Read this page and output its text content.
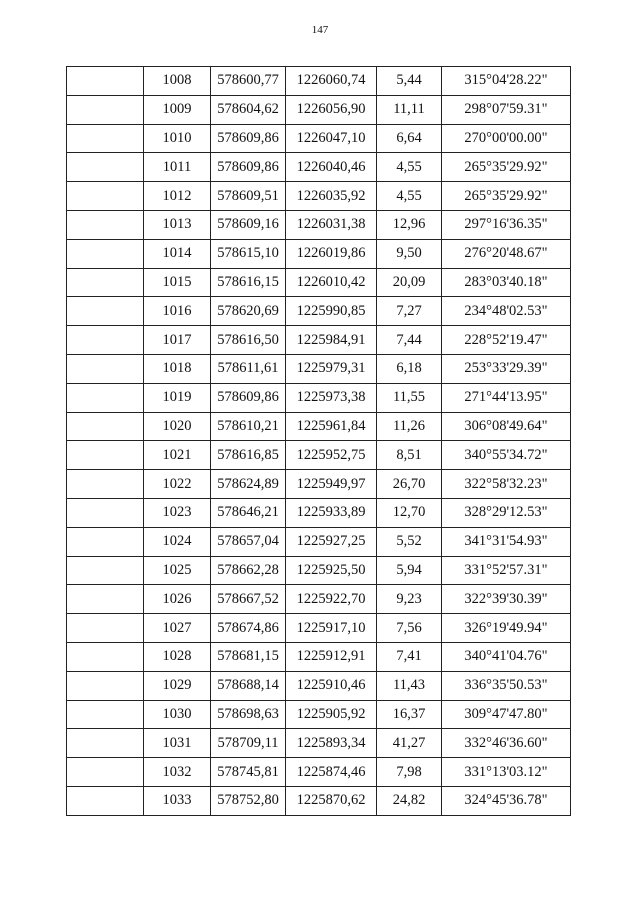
147
	1008	578600,77	1226060,74	5,44	315°04'28.22"
	1009	578604,62	1226056,90	11,11	298°07'59.31"
	1010	578609,86	1226047,10	6,64	270°00'00.00"
	1011	578609,86	1226040,46	4,55	265°35'29.92"
	1012	578609,51	1226035,92	4,55	265°35'29.92"
	1013	578609,16	1226031,38	12,96	297°16'36.35"
	1014	578615,10	1226019,86	9,50	276°20'48.67"
	1015	578616,15	1226010,42	20,09	283°03'40.18"
	1016	578620,69	1225990,85	7,27	234°48'02.53"
	1017	578616,50	1225984,91	7,44	228°52'19.47"
	1018	578611,61	1225979,31	6,18	253°33'29.39"
	1019	578609,86	1225973,38	11,55	271°44'13.95"
	1020	578610,21	1225961,84	11,26	306°08'49.64"
	1021	578616,85	1225952,75	8,51	340°55'34.72"
	1022	578624,89	1225949,97	26,70	322°58'32.23"
	1023	578646,21	1225933,89	12,70	328°29'12.53"
	1024	578657,04	1225927,25	5,52	341°31'54.93"
	1025	578662,28	1225925,50	5,94	331°52'57.31"
	1026	578667,52	1225922,70	9,23	322°39'30.39"
	1027	578674,86	1225917,10	7,56	326°19'49.94"
	1028	578681,15	1225912,91	7,41	340°41'04.76"
	1029	578688,14	1225910,46	11,43	336°35'50.53"
	1030	578698,63	1225905,92	16,37	309°47'47.80"
	1031	578709,11	1225893,34	41,27	332°46'36.60"
	1032	578745,81	1225874,46	7,98	331°13'03.12"
	1033	578752,80	1225870,62	24,82	324°45'36.78"
